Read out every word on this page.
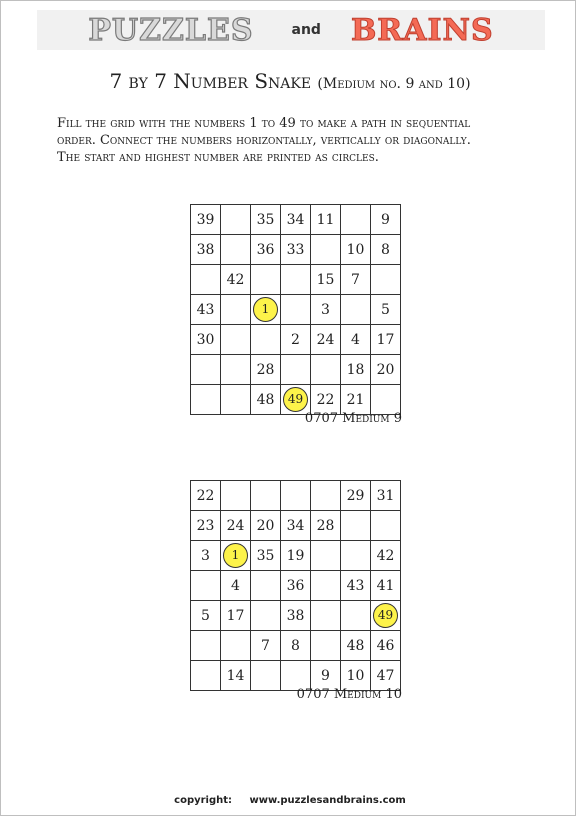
PUZZLES	and BRAINS
7 by 7 Number Snake (Medium no. 9 and 10)

Fill the grid with the numbers 1 to 49 to make a path in sequential
order. Connect the numbers horizontally, vertically or diagonally.
The start and highest number are printed as circles.

39		35	34	11		9
38		36	33		10	8
	42			15	7	
43		1		3		5
30			2	24	4	17
		28			18	20
		48	49	22	21	
0707 Medium 9
22					29	31
23	24	20	34	28		
3	1	35	19			42
	4		36		43	41
5	17		38			49
		7	8		48	46
	14			9	10	47
0707 Medium 10
copyright: www.puzzlesandbrains.com
